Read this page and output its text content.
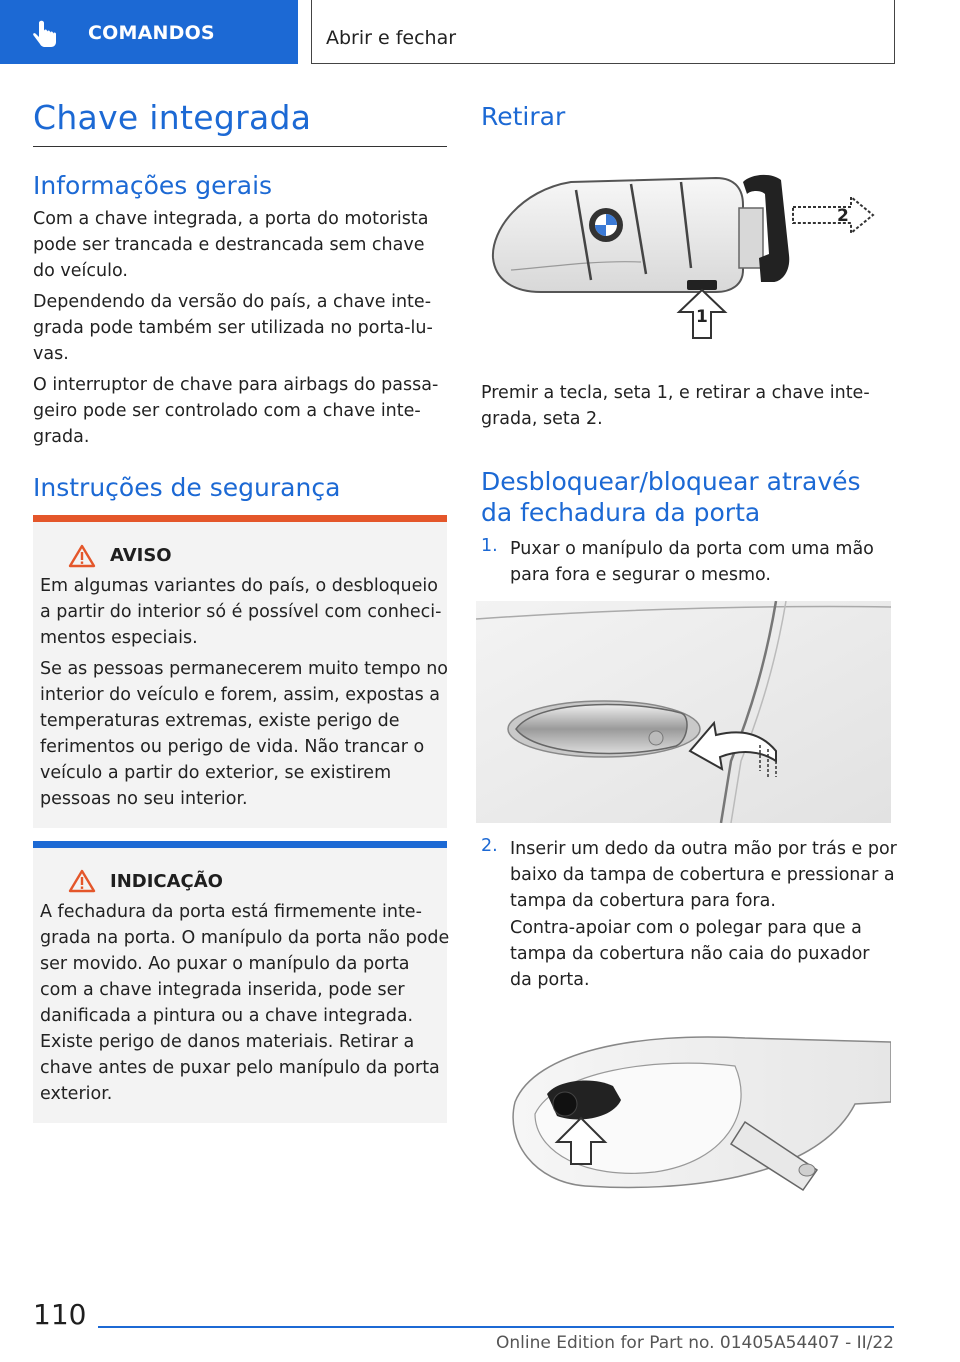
COMANDOS	Abrir e fechar
Chave integrada
Informações gerais

Com a chave integrada, a porta do motorista pode ser trancada e destrancada sem chave do veículo.

Dependendo da versão do país, a chave integrada pode também ser utilizada no porta-luvas.

O interruptor de chave para airbags do passageiro pode ser controlado com a chave integrada.

Instruções de segurança
AVISO

Em algumas variantes do país, o desbloqueio a partir do interior só é possível com conhecimentos especiais.

Se as pessoas permanecerem muito tempo no interior do veículo e forem, assim, expostas a temperaturas extremas, existe perigo de ferimentos ou perigo de vida. Não trancar o veículo a partir do exterior, se existirem pessoas no seu interior.

INDICAÇÃO

A fechadura da porta está firmemente integrada na porta. O manípulo da porta não pode ser movido. Ao puxar o manípulo da porta com a chave integrada inserida, pode ser danificada a pintura ou a chave integrada. Existe perigo de danos materiais. Retirar a chave antes de puxar pelo manípulo da porta exterior.

Retirar
2
1

Premir a tecla, seta 1, e retirar a chave integrada, seta 2.

Desbloquear/bloquear através da fechadura da porta
1. Puxar o manípulo da porta com uma mão para fora e segurar o mesmo.

2. Inserir um dedo da outra mão por trás e por baixo da tampa de cobertura e pressionar a tampa da cobertura para fora.

Contra-apoiar com o polegar para que a tampa da cobertura não caia do puxador da porta.

110
Online Edition for Part no. 01405A54407 - II/22
